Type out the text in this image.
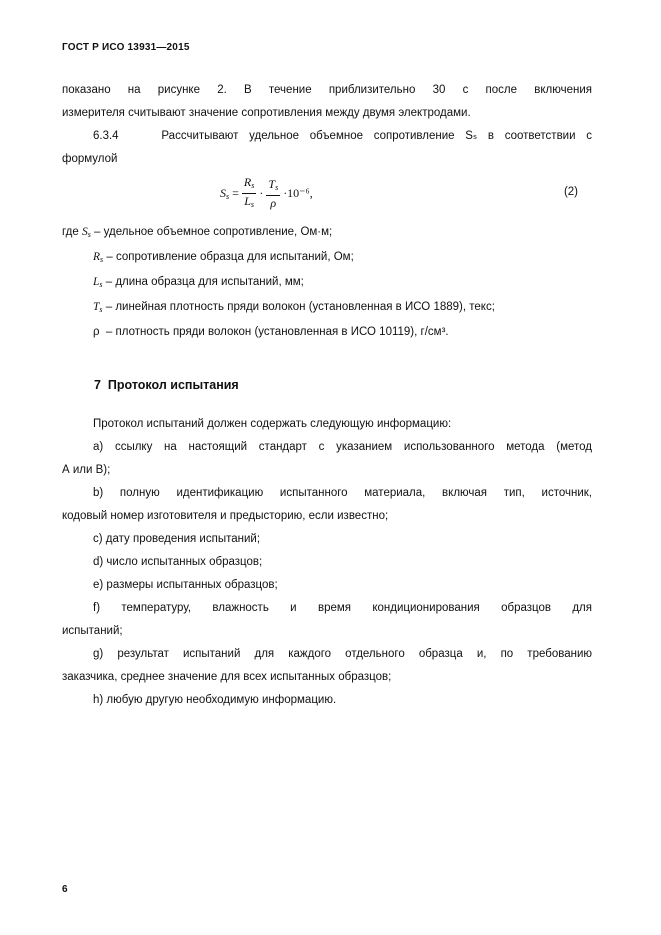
ГОСТ Р ИСО 13931—2015

показано на рисунке 2. В течение приблизительно 30 с после включения

измерителя считывают значение сопротивления между двумя электродами.

6.3.4    Рассчитывают удельное объемное сопротивление Sₛ в соответствии с

формулой

$S_s = \frac{R_s}{L_s} \cdot \frac{T_s}{\rho} \cdot 10^{-6}$,	(2)

где $S_s$ – удельное объемное сопротивление, Ом·м;

$R_s$ – сопротивление образца для испытаний, Ом;

$L_s$ – длина образца для испытаний, мм;

$T_s$ – линейная плотность пряди волокон (установленная в ИСО 1889), текс;

ρ  – плотность пряди волокон (установленная в ИСО 10119), г/см³.

7  Протокол испытания

Протокол испытаний должен содержать следующую информацию:

а) ссылку на настоящий стандарт с указанием использованного метода (метод

А или В);

b) полную идентификацию испытанного материала, включая тип, источник,

кодовый номер изготовителя и предысторию, если известно;

c) дату проведения испытаний;

d) число испытанных образцов;

e) размеры испытанных образцов;

f) температуру, влажность и время кондиционирования образцов для

испытаний;

g) результат испытаний для каждого отдельного образца и, по требованию

заказчика, среднее значение для всех испытанных образцов;

h) любую другую необходимую информацию.

6
